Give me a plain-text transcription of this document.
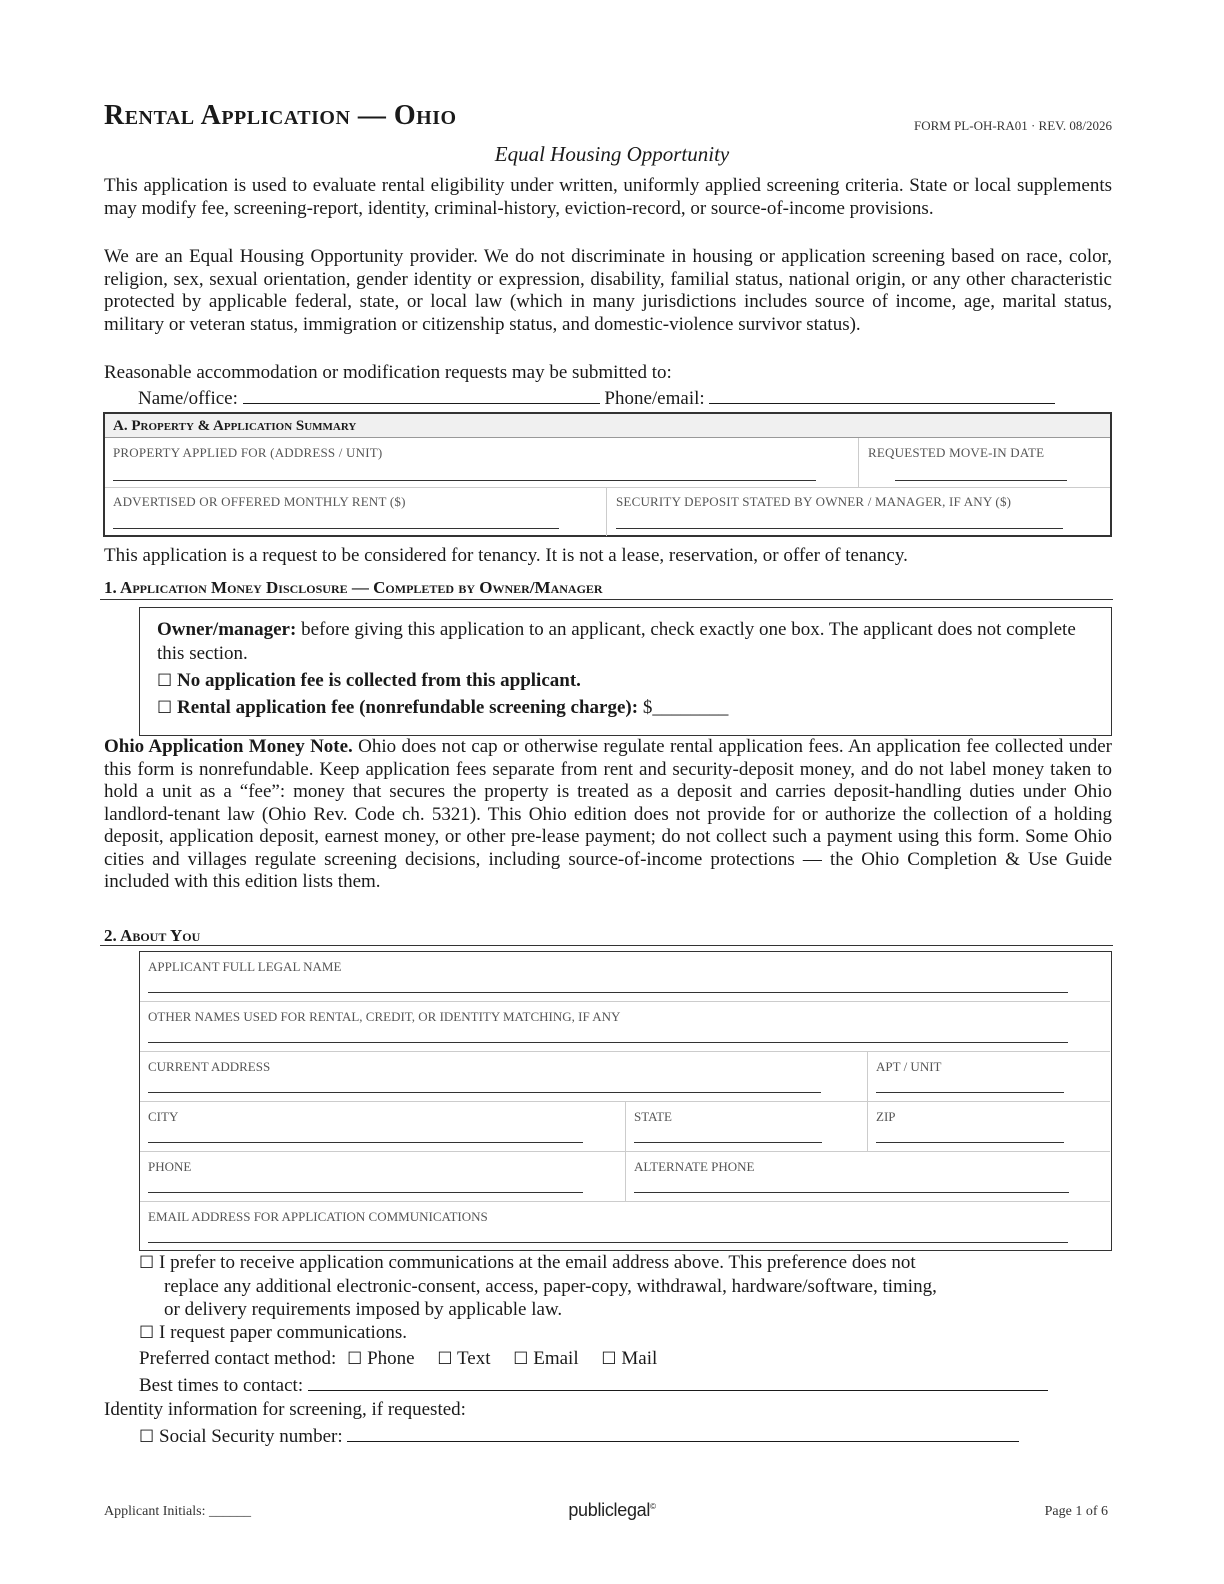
Rental Application — Ohio	FORM PL-OH-RA01 · REV. 08/2026
Equal Housing Opportunity
This application is used to evaluate rental eligibility under written, uniformly applied screening criteria. State or local supplements may modify fee, screening-report, identity, criminal-history, eviction-record, or source-of-income provisions.
We are an Equal Housing Opportunity provider. We do not discriminate in housing or application screening based on race, color, religion, sex, sexual orientation, gender identity or expression, disability, familial status, national origin, or any other characteristic protected by applicable federal, state, or local law (which in many jurisdictions includes source of income, age, marital status, military or veteran status, immigration or citizenship status, and domestic-violence survivor status).
Reasonable accommodation or modification requests may be submitted to:
Name/office:	Phone/email:
A. Property & Application Summary
PROPERTY APPLIED FOR (ADDRESS / UNIT)	REQUESTED MOVE-IN DATE
ADVERTISED OR OFFERED MONTHLY RENT ($)	SECURITY DEPOSIT STATED BY OWNER / MANAGER, IF ANY ($)
This application is a request to be considered for tenancy. It is not a lease, reservation, or offer of tenancy.
1. Application Money Disclosure — Completed by Owner/Manager
Owner/manager: before giving this application to an applicant, check exactly one box. The applicant does not complete this section.
☐ No application fee is collected from this applicant.
☐ Rental application fee (nonrefundable screening charge): $________
Ohio Application Money Note. Ohio does not cap or otherwise regulate rental application fees. An application fee collected under this form is nonrefundable. Keep application fees separate from rent and security-deposit money, and do not label money taken to hold a unit as a “fee”: money that secures the property is treated as a deposit and carries deposit-handling duties under Ohio landlord-tenant law (Ohio Rev. Code ch. 5321). This Ohio edition does not provide for or authorize the collection of a holding deposit, application deposit, earnest money, or other pre-lease payment; do not collect such a payment using this form. Some Ohio cities and villages regulate screening decisions, including source-of-income protections — the Ohio Completion & Use Guide included with this edition lists them.
2. About You
APPLICANT FULL LEGAL NAME
OTHER NAMES USED FOR RENTAL, CREDIT, OR IDENTITY MATCHING, IF ANY
CURRENT ADDRESS	APT / UNIT
CITY	STATE	ZIP
PHONE	ALTERNATE PHONE
EMAIL ADDRESS FOR APPLICATION COMMUNICATIONS
☐ I prefer to receive application communications at the email address above. This preference does not
replace any additional electronic-consent, access, paper-copy, withdrawal, hardware/software, timing,
or delivery requirements imposed by applicable law.
☐ I request paper communications.
Preferred contact method: ☐ Phone ☐ Text ☐ Email ☐ Mail
Best times to contact:
Identity information for screening, if requested:
☐ Social Security number:
Applicant Initials: ______	publiclegal©	Page 1 of 6
